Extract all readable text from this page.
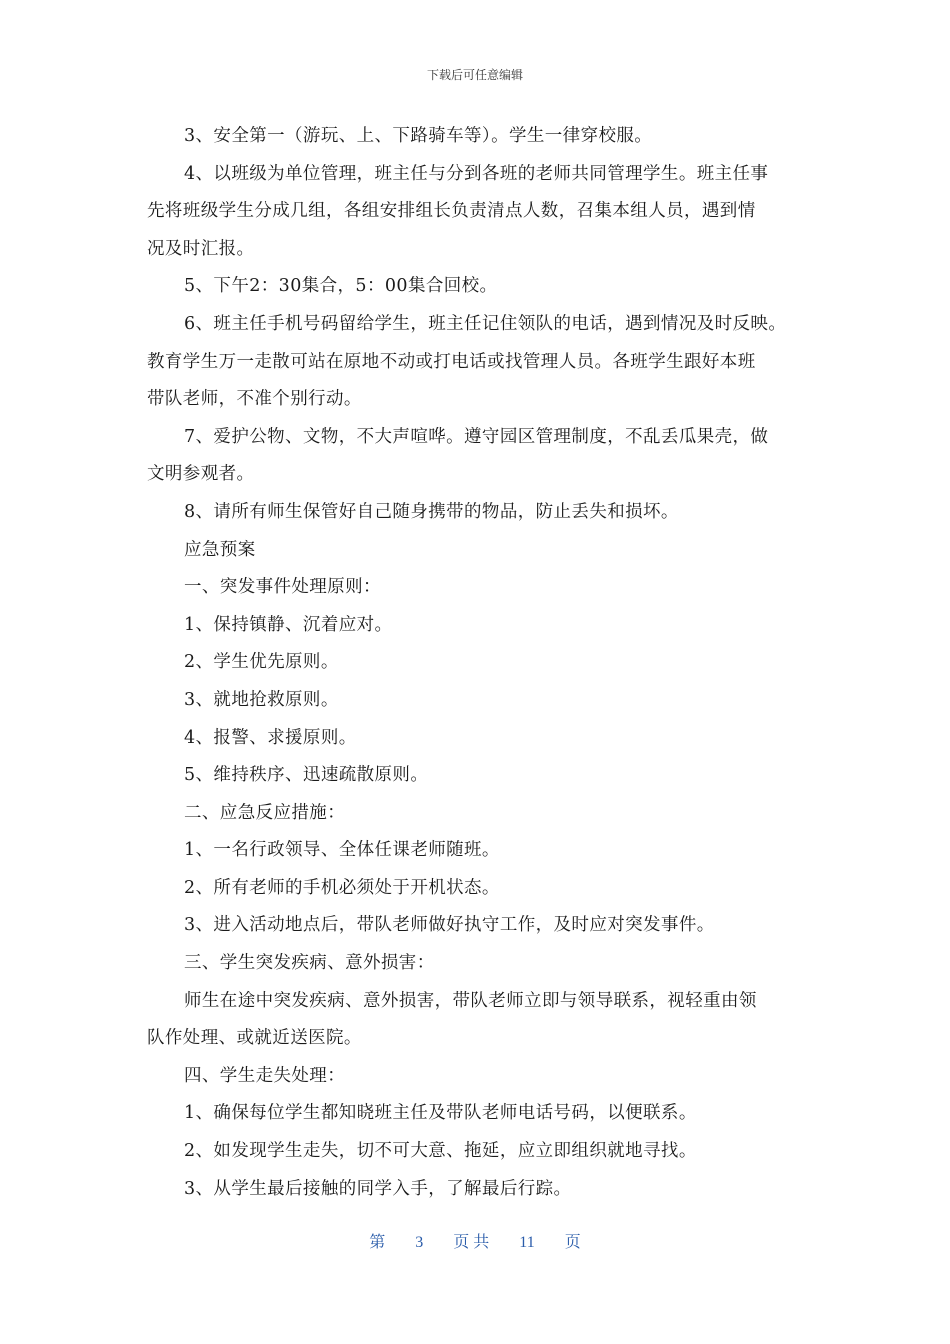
下载后可任意编辑
3、安全第一（游玩、上、下路骑车等）。学生一律穿校服。
4、以班级为单位管理，班主任与分到各班的老师共同管理学生。班主任事
先将班级学生分成几组，各组安排组长负责清点人数，召集本组人员，遇到情
况及时汇报。
5、下午2：30集合，5：00集合回校。
6、班主任手机号码留给学生，班主任记住领队的电话，遇到情况及时反映。
教育学生万一走散可站在原地不动或打电话或找管理人员。各班学生跟好本班
带队老师，不准个别行动。
7、爱护公物、文物，不大声喧哗。遵守园区管理制度，不乱丢瓜果壳，做
文明参观者。
8、请所有师生保管好自己随身携带的物品，防止丢失和损坏。
应急预案
一、突发事件处理原则：
1、保持镇静、沉着应对。
2、学生优先原则。
3、就地抢救原则。
4、报警、求援原则。
5、维持秩序、迅速疏散原则。
二、应急反应措施：
1、一名行政领导、全体任课老师随班。
2、所有老师的手机必须处于开机状态。
3、进入活动地点后，带队老师做好执守工作，及时应对突发事件。
三、学生突发疾病、意外损害：
师生在途中突发疾病、意外损害，带队老师立即与领导联系，视轻重由领
队作处理、或就近送医院。
四、学生走失处理：
1、确保每位学生都知晓班主任及带队老师电话号码，以便联系。
2、如发现学生走失，切不可大意、拖延，应立即组织就地寻找。
3、从学生最后接触的同学入手，了解最后行踪。
第 3 页 共 11 页
